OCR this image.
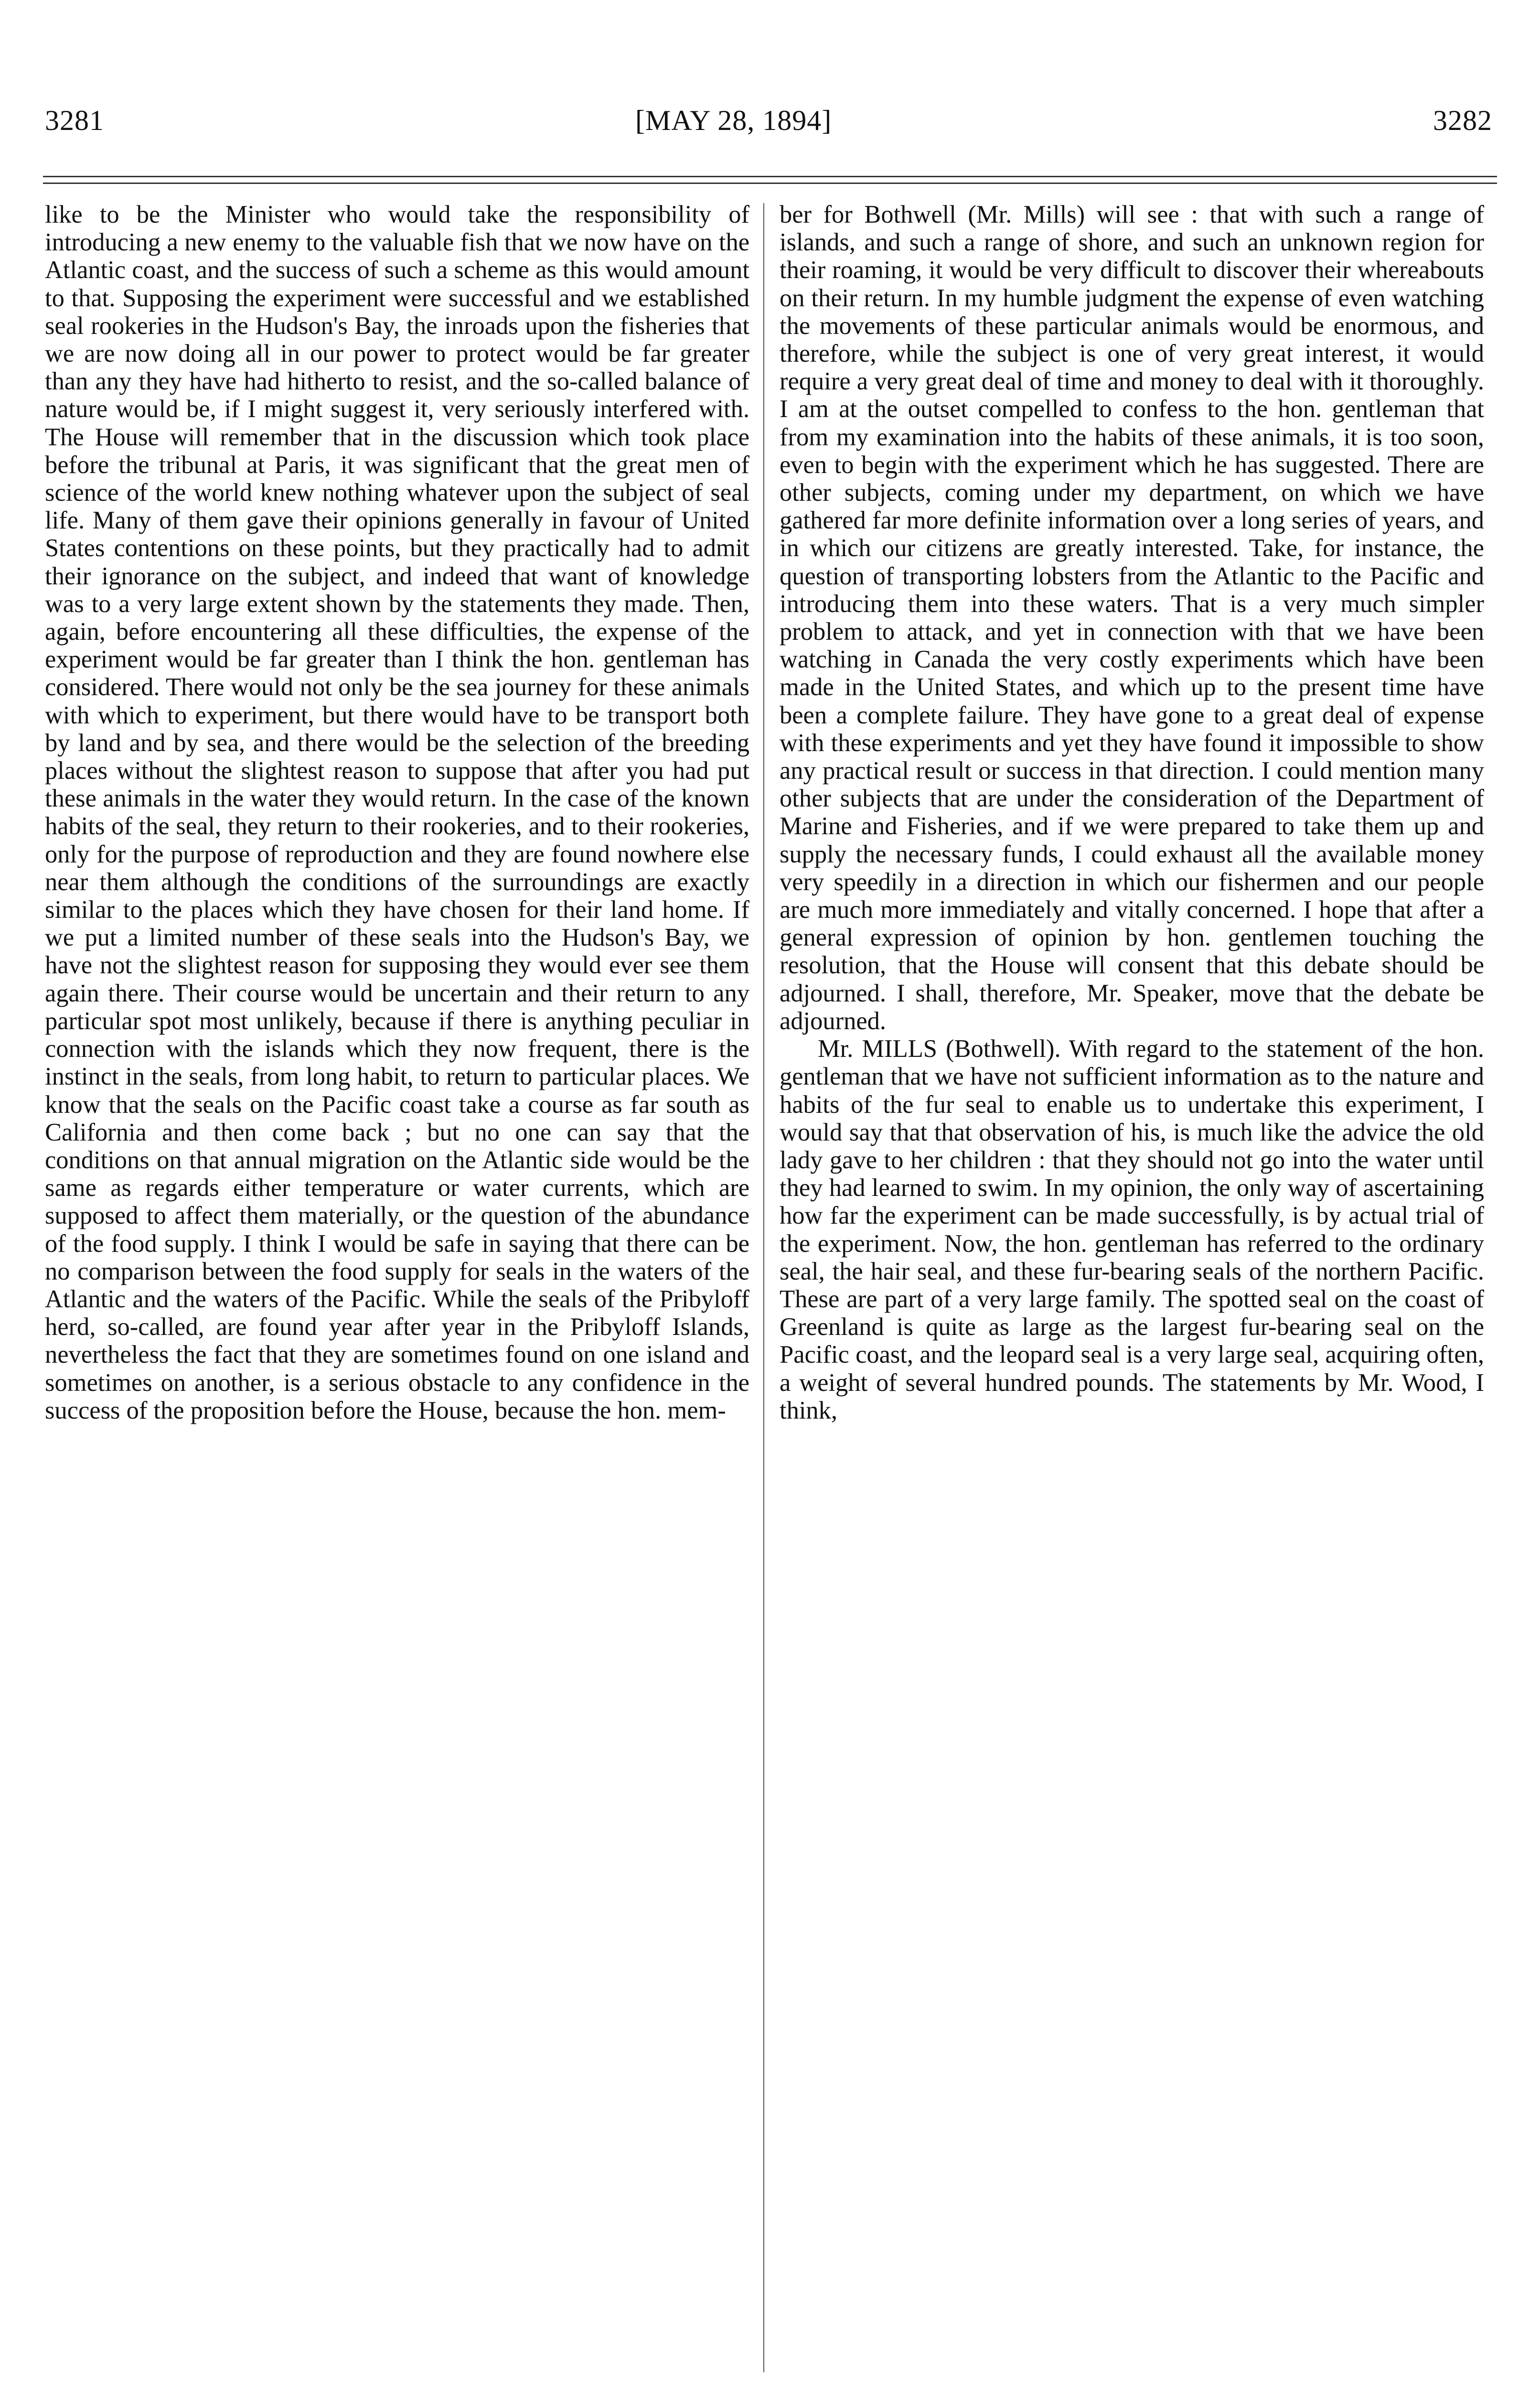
3281	[MAY 28, 1894]	3282

like to be the Minister who would take the responsibility of introducing a new enemy to the valuable fish that we now have on the Atlantic coast, and the success of such a scheme as this would amount to that. Supposing the experiment were successful and we established seal rookeries in the Hudson's Bay, the inroads upon the fisheries that we are now doing all in our power to protect would be far greater than any they have had hitherto to resist, and the so-called balance of nature would be, if I might suggest it, very seriously interfered with. The House will remember that in the discussion which took place before the tribunal at Paris, it was significant that the great men of science of the world knew nothing whatever upon the subject of seal life. Many of them gave their opinions generally in favour of United States contentions on these points, but they practically had to admit their ignorance on the subject, and indeed that want of knowledge was to a very large extent shown by the statements they made. Then, again, before encountering all these difficulties, the expense of the experiment would be far greater than I think the hon. gentleman has considered. There would not only be the sea journey for these animals with which to experiment, but there would have to be transport both by land and by sea, and there would be the selection of the breeding places without the slightest reason to suppose that after you had put these animals in the water they would return. In the case of the known habits of the seal, they return to their rookeries, and to their rookeries, only for the purpose of reproduction and they are found nowhere else near them although the conditions of the surroundings are exactly similar to the places which they have chosen for their land home. If we put a limited number of these seals into the Hudson's Bay, we have not the slightest reason for supposing they would ever see them again there. Their course would be uncertain and their return to any particular spot most unlikely, because if there is anything peculiar in connection with the islands which they now frequent, there is the instinct in the seals, from long habit, to return to particular places. We know that the seals on the Pacific coast take a course as far south as California and then come back ; but no one can say that the conditions on that annual migration on the Atlantic side would be the same as regards either temperature or water currents, which are supposed to affect them materially, or the question of the abundance of the food supply. I think I would be safe in saying that there can be no comparison between the food supply for seals in the waters of the Atlantic and the waters of the Pacific. While the seals of the Pribyloff herd, so-called, are found year after year in the Pribyloff Islands, nevertheless the fact that they are sometimes found on one island and sometimes on another, is a serious obstacle to any confidence in the success of the proposition before the House, because the hon. mem-

ber for Bothwell (Mr. Mills) will see : that with such a range of islands, and such a range of shore, and such an unknown region for their roaming, it would be very difficult to discover their whereabouts on their return. In my humble judgment the expense of even watching the movements of these particular animals would be enormous, and therefore, while the subject is one of very great interest, it would require a very great deal of time and money to deal with it thoroughly. I am at the outset compelled to confess to the hon. gentleman that from my examination into the habits of these animals, it is too soon, even to begin with the experiment which he has suggested. There are other subjects, coming under my department, on which we have gathered far more definite information over a long series of years, and in which our citizens are greatly interested. Take, for instance, the question of transporting lobsters from the Atlantic to the Pacific and introducing them into these waters. That is a very much simpler problem to attack, and yet in connection with that we have been watching in Canada the very costly experiments which have been made in the United States, and which up to the present time have been a complete failure. They have gone to a great deal of expense with these experiments and yet they have found it impossible to show any practical result or success in that direction. I could mention many other subjects that are under the consideration of the Department of Marine and Fisheries, and if we were prepared to take them up and supply the necessary funds, I could exhaust all the available money very speedily in a direction in which our fishermen and our people are much more immediately and vitally concerned. I hope that after a general expression of opinion by hon. gentlemen touching the resolution, that the House will consent that this debate should be adjourned. I shall, therefore, Mr. Speaker, move that the debate be adjourned.

Mr. MILLS (Bothwell). With regard to the statement of the hon. gentleman that we have not sufficient information as to the nature and habits of the fur seal to enable us to undertake this experiment, I would say that that observation of his, is much like the advice the old lady gave to her children : that they should not go into the water until they had learned to swim. In my opinion, the only way of ascertaining how far the experiment can be made successfully, is by actual trial of the experiment. Now, the hon. gentleman has referred to the ordinary seal, the hair seal, and these fur-bearing seals of the northern Pacific. These are part of a very large family. The spotted seal on the coast of Greenland is quite as large as the largest fur-bearing seal on the Pacific coast, and the leopard seal is a very large seal, acquiring often, a weight of several hundred pounds. The statements by Mr. Wood, I think,
